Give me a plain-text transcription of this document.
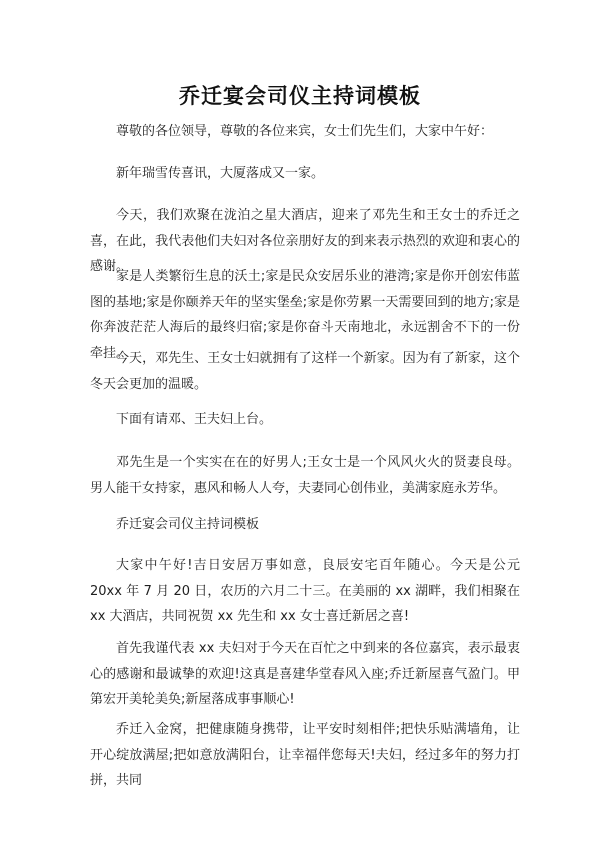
乔迁宴会司仪主持词模板

尊敬的各位领导，尊敬的各位来宾，女士们先生们，大家中午好：

新年瑞雪传喜讯，大厦落成又一家。

今天，我们欢聚在泷泊之星大酒店，迎来了邓先生和王女士的乔迁之喜，在此，我代表他们夫妇对各位亲朋好友的到来表示热烈的欢迎和衷心的感谢。

家是人类繁衍生息的沃土;家是民众安居乐业的港湾;家是你开创宏伟蓝图的基地;家是你颐养天年的坚实堡垒;家是你劳累一天需要回到的地方;家是你奔波茫茫人海后的最终归宿;家是你奋斗天南地北，永远割舍不下的一份牵挂。

今天，邓先生、王女士妇就拥有了这样一个新家。因为有了新家，这个冬天会更加的温暖。

下面有请邓、王夫妇上台。

邓先生是一个实实在在的好男人;王女士是一个风风火火的贤妻良母。男人能干女持家，惠风和畅人人夸，夫妻同心创伟业，美满家庭永芳华。

乔迁宴会司仪主持词模板

大家中午好!吉日安居万事如意，良辰安宅百年随心。今天是公元 20xx 年 7 月 20 日，农历的六月二十三。在美丽的 xx 湖畔，我们相聚在 xx 大酒店，共同祝贺 xx 先生和 xx 女士喜迁新居之喜!

首先我谨代表 xx 夫妇对于今天在百忙之中到来的各位嘉宾，表示最衷心的感谢和最诚挚的欢迎!这真是喜建华堂春风入座;乔迁新屋喜气盈门。甲第宏开美轮美奂;新屋落成事事顺心!

乔迁入金窝，把健康随身携带，让平安时刻相伴;把快乐贴满墙角，让开心绽放满屋;把如意放满阳台，让幸福伴您每天!夫妇，经过多年的努力打拼，共同
